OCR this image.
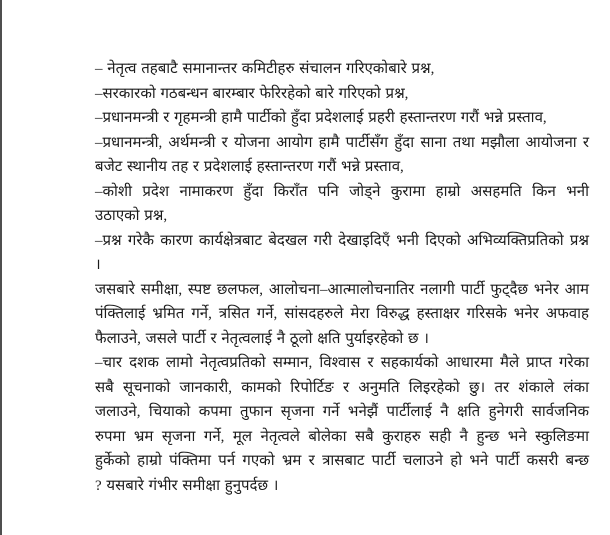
– नेतृत्व तहबाटै समानान्तर कमिटीहरु संचालन गरिएकोबारे प्रश्न,
–सरकारको गठबन्धन बारम्बार फेरिरहेको बारे गरिएको प्रश्न,
–प्रधानमन्त्री र गृहमन्त्री हामै पार्टीको हुँदा प्रदेशलाई प्रहरी हस्तान्तरण गरौं भन्ने प्रस्ताव,
–प्रधानमन्त्री, अर्थमन्त्री र योजना आयोग हामै पार्टीसँग हुँदा साना तथा मझौला आयोजना र
बजेट स्थानीय तह र प्रदेशलाई हस्तान्तरण गरौं भन्ने प्रस्ताव,
–कोशी प्रदेश नामाकरण हुँदा किराँत पनि जोड्ने कुरामा हाम्रो असहमति किन भनी
उठाएको प्रश्न,
–प्रश्न गरेकै कारण कार्यक्षेत्रबाट बेदखल गरी देखाइदिएँ भनी दिएको अभिव्यक्तिप्रतिको प्रश्न
।
जसबारे समीक्षा, स्पष्ट छलफल, आलोचना–आत्मालोचनातिर नलागी पार्टी फुट्दैछ भनेर आम
पंक्तिलाई भ्रमित गर्ने, त्रसित गर्ने, सांसदहरुले मेरा विरुद्ध हस्ताक्षर गरिसके भनेर अफवाह
फैलाउने, जसले पार्टी र नेतृत्वलाई नै ठूलो क्षति पुर्याइरहेको छ ।
–चार दशक लामो नेतृत्वप्रतिको सम्मान, विश्वास र सहकार्यको आधारमा मैले प्राप्त गरेका
सबै सूचनाको जानकारी, कामको रिपोर्टिङ र अनुमति लिइरहेको छु। तर शंकाले लंका
जलाउने, चियाको कपमा तुफान सृजना गर्ने भनेझैं पार्टीलाई नै क्षति हुनेगरी सार्वजनिक
रुपमा भ्रम सृजना गर्ने, मूल नेतृत्वले बोलेका सबै कुराहरु सही नै हुन्छ भने स्कुलिङमा
हुर्केको हाम्रो पंक्तिमा पर्न गएको भ्रम र त्रासबाट पार्टी चलाउने हो भने पार्टी कसरी बन्छ
? यसबारे गंभीर समीक्षा हुनुपर्दछ ।
